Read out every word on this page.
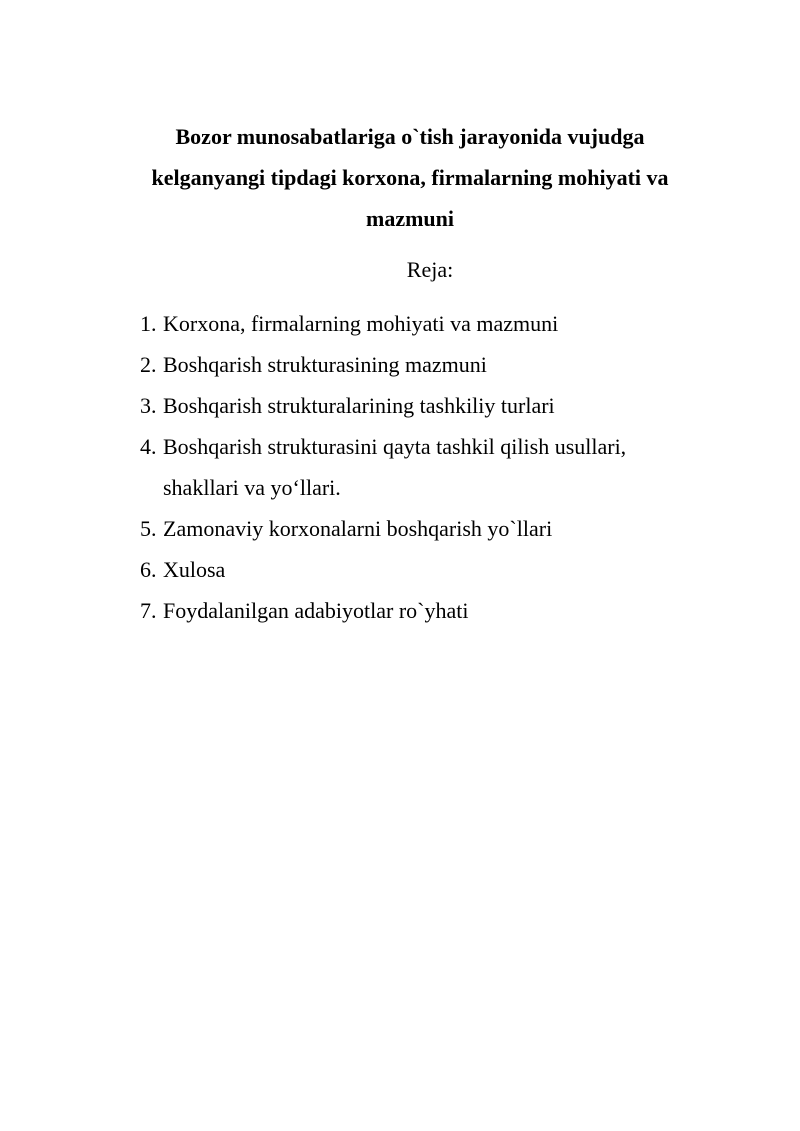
Bozor munosabatlariga o`tish jarayonida vujudga
kelganyangi tipdagi korxona, firmalarning mohiyati va
mazmuni

Reja:

1. Korxona, firmalarning mohiyati va mazmuni
2. Boshqarish strukturasining mazmuni
3. Boshqarish strukturalarining tashkiliy turlari
4. Boshqarish strukturasini qayta tashkil qilish usullari,
shakllari va yo‘llari.
5. Zamonaviy korxonalarni boshqarish yo`llari
6. Xulosa
7. Foydalanilgan adabiyotlar ro`yhati
